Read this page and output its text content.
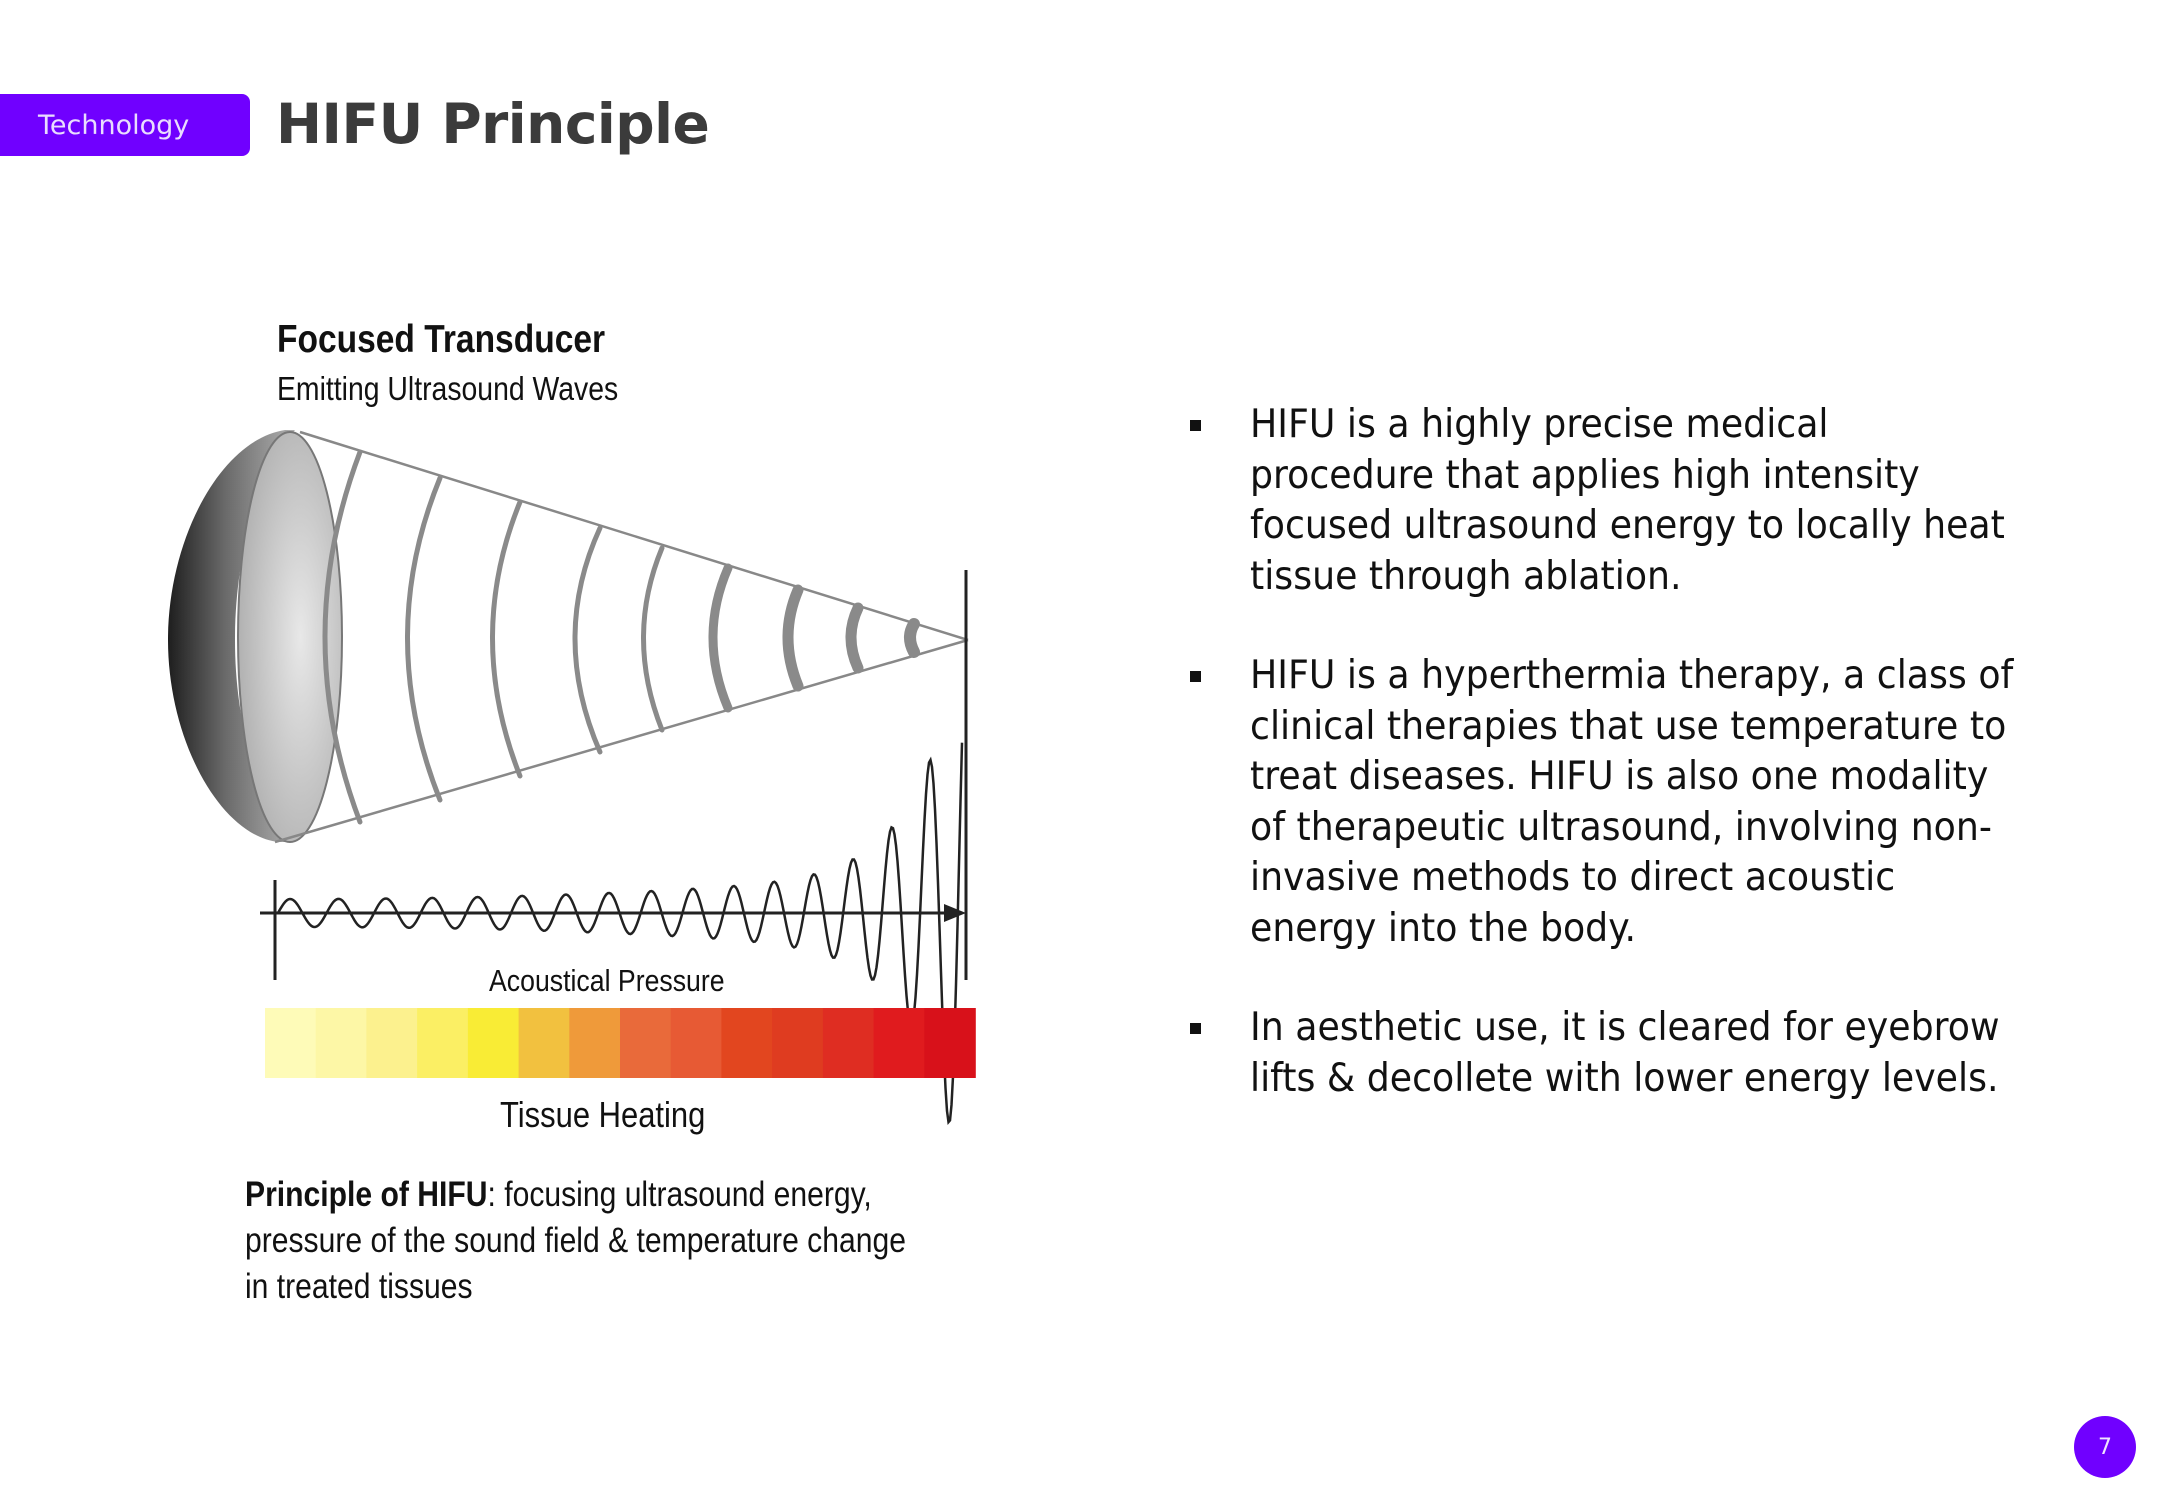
Technology	HIFU Principle
Focused Transducer
Emitting Ultrasound Waves
Acoustical Pressure
Tissue Heating
Principle of HIFU: focusing ultrasound energy, pressure of the sound field & temperature change in treated tissues
HIFU is a highly precise medical procedure that applies high intensity focused ultrasound energy to locally heat tissue through ablation.
HIFU is a hyperthermia therapy, a class of clinical therapies that use temperature to treat diseases. HIFU is also one modality of therapeutic ultrasound, involving non-invasive methods to direct acoustic energy into the body.
In aesthetic use, it is cleared for eyebrow lifts & decollete with lower energy levels.
7
